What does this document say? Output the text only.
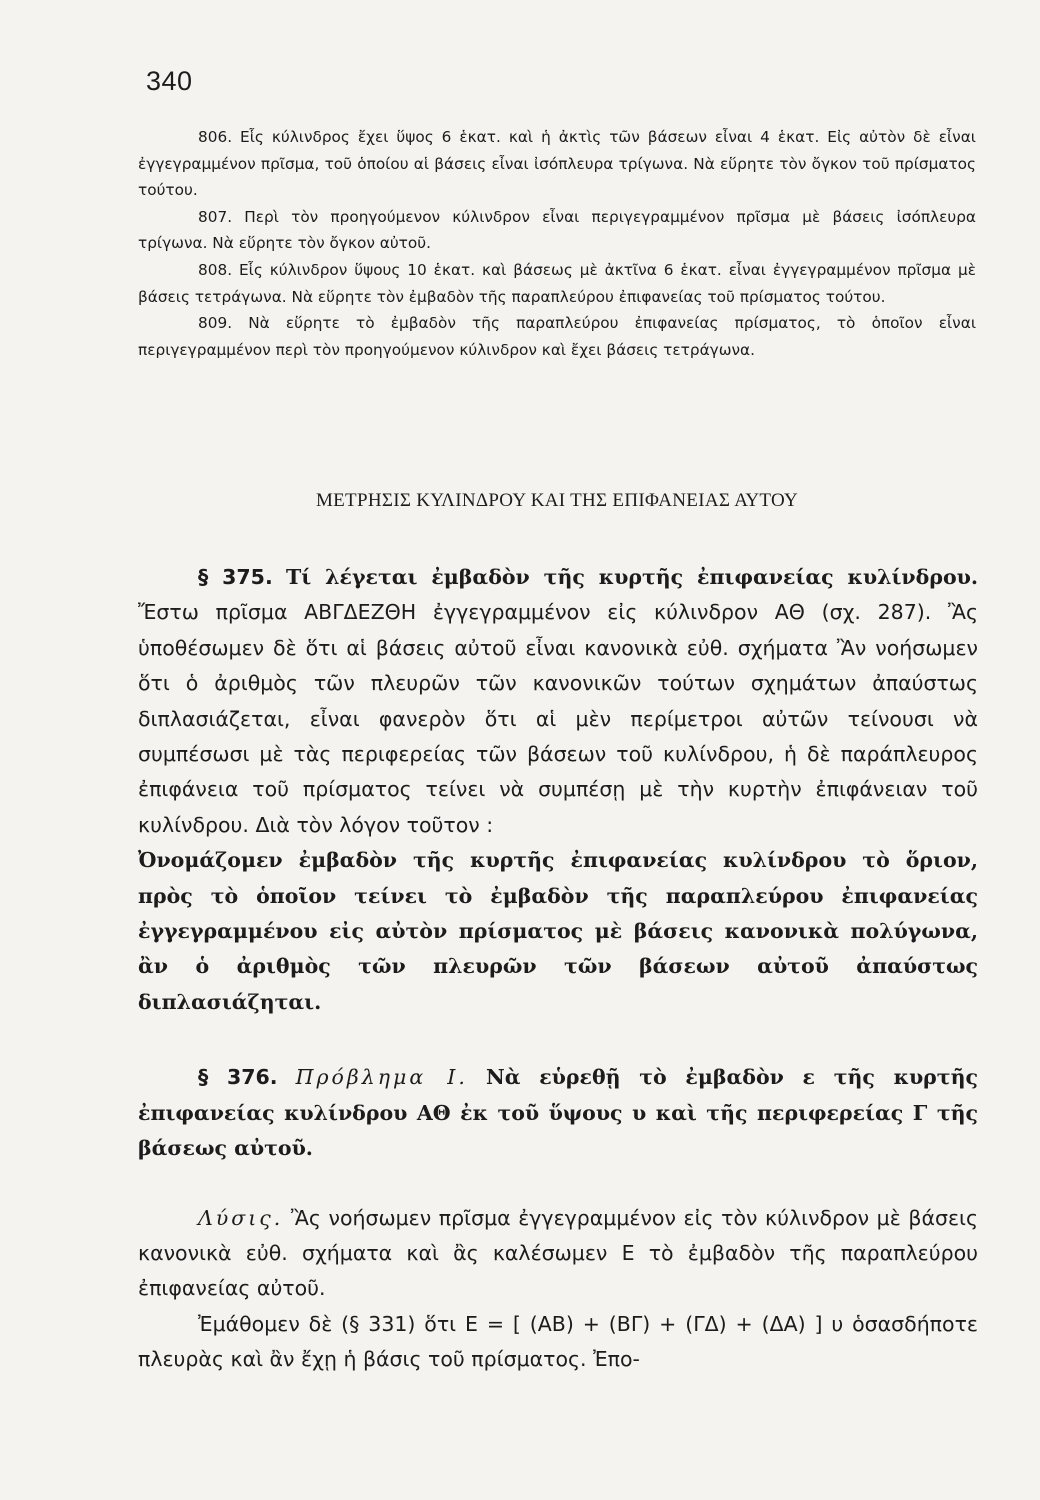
340

806. Εἷς κύλινδρος ἔχει ὕψος 6 ἑκατ. καὶ ἡ ἀκτὶς τῶν βάσεων εἶναι 4 ἑκατ. Εἰς αὐτὸν δὲ εἶναι ἐγγεγραμμένον πρῖσμα, τοῦ ὁποίου αἱ βάσεις εἶναι ἰσόπλευρα τρίγωνα. Νὰ εὕρητε τὸν ὄγκον τοῦ πρίσματος τούτου.

807. Περὶ τὸν προηγούμενον κύλινδρον εἶναι περιγεγραμμένον πρῖσμα μὲ βάσεις ἰσόπλευρα τρίγωνα. Νὰ εὕρητε τὸν ὄγκον αὐτοῦ.

808. Εἷς κύλινδρον ὕψους 10 ἑκατ. καὶ βάσεως μὲ ἀκτῖνα 6 ἑκατ. εἶναι ἐγγεγραμμένον πρῖσμα μὲ βάσεις τετράγωνα. Νὰ εὕρητε τὸν ἐμβαδὸν τῆς παραπλεύρου ἐπιφανείας τοῦ πρίσματος τούτου.

809. Νὰ εὕρητε τὸ ἐμβαδὸν τῆς παραπλεύρου ἐπιφανείας πρίσματος, τὸ ὁποῖον εἶναι περιγεγραμμένον περὶ τὸν προηγούμενον κύλινδρον καὶ ἔχει βάσεις τετράγωνα.

ΜΕΤΡΗΣΙΣ ΚΥΛΙΝΔΡΟΥ ΚΑΙ ΤΗΣ ΕΠΙΦΑΝΕΙΑΣ ΑΥΤΟΥ

§ 375. Τί λέγεται ἐμβαδὸν τῆς κυρτῆς ἐπιφανείας κυλίνδρου. Ἔστω πρῖσμα ΑΒΓΔΕΖΘΗ ἐγγεγραμμένον εἰς κύλινδρον ΑΘ (σχ. 287). Ἂς ὑποθέσωμεν δὲ ὅτι αἱ βάσεις αὐτοῦ εἶναι κανονικὰ εὐθ. σχήματα Ἂν νοήσωμεν ὅτι ὁ ἀριθμὸς τῶν πλευρῶν τῶν κανονικῶν τούτων σχημάτων ἀπαύστως διπλασιάζεται, εἶναι φανερὸν ὅτι αἱ μὲν περίμετροι αὐτῶν τείνουσι νὰ συμπέσωσι μὲ τὰς περιφερείας τῶν βάσεων τοῦ κυλίνδρου, ἡ δὲ παράπλευρος ἐπιφάνεια τοῦ πρίσματος τείνει νὰ συμπέσῃ μὲ τὴν κυρτὴν ἐπιφάνειαν τοῦ κυλίνδρου. Διὰ τὸν λόγον τοῦτον :

Ὀνομάζομεν ἐμβαδὸν τῆς κυρτῆς ἐπιφανείας κυλίνδρου τὸ ὅριον, πρὸς τὸ ὁποῖον τείνει τὸ ἐμβαδὸν τῆς παραπλεύρου ἐπιφανείας ἐγγεγραμμένου εἰς αὐτὸν πρίσματος μὲ βάσεις κανονικὰ πολύγωνα, ἂν ὁ ἀριθμὸς τῶν πλευρῶν τῶν βάσεων αὐτοῦ ἀπαύστως διπλασιάζηται.

§ 376. Πρόβλημα Ι. Νὰ εὑρεθῇ τὸ ἐμβαδὸν ε τῆς κυρτῆς ἐπιφανείας κυλίνδρου ΑΘ ἐκ τοῦ ὕψους υ καὶ τῆς περιφερείας Γ τῆς βάσεως αὐτοῦ.

Λύσις. Ἂς νοήσωμεν πρῖσμα ἐγγεγραμμένον εἰς τὸν κύλινδρον μὲ βάσεις κανονικὰ εὐθ. σχήματα καὶ ἂς καλέσωμεν Ε τὸ ἐμβαδὸν τῆς παραπλεύρου ἐπιφανείας αὐτοῦ.

Ἐμάθομεν δὲ (§ 331) ὅτι Ε = [ (ΑΒ) + (ΒΓ) + (ΓΔ) + (ΔΑ) ] υ ὁσασδήποτε πλευρὰς καὶ ἂν ἔχῃ ἡ βάσις τοῦ πρίσματος. Ἐπο-
